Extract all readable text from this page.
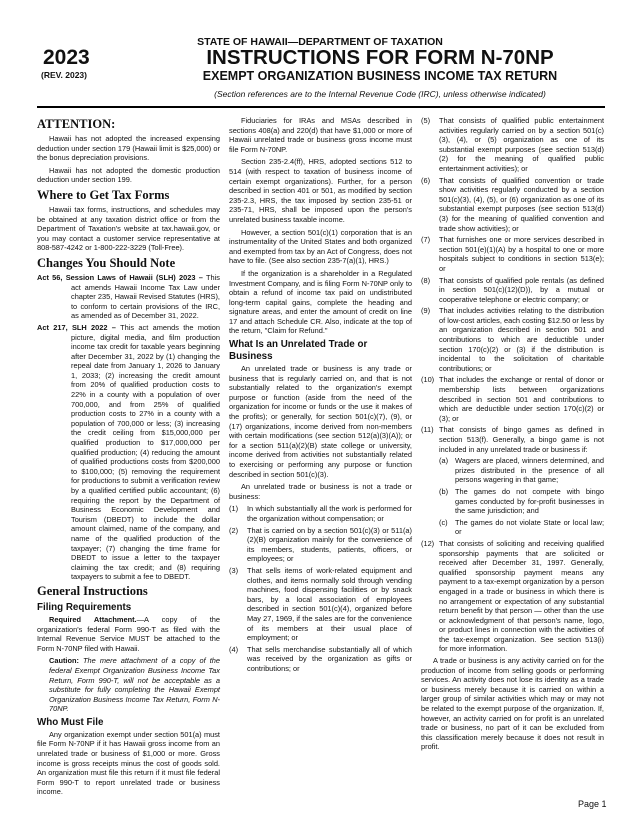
STATE OF HAWAII—DEPARTMENT OF TAXATION
2023
(REV. 2023)
INSTRUCTIONS FOR FORM N-70NP
EXEMPT ORGANIZATION BUSINESS INCOME TAX RETURN
(Section references are to the Internal Revenue Code (IRC), unless otherwise indicated)
ATTENTION:

Hawaii has not adopted the increased expensing deduction under section 179 (Hawaii limit is $25,000) or the bonus depreciation provisions.

Hawaii has not adopted the domestic production deduction under section 199.

Where to Get Tax Forms

Hawaii tax forms, instructions, and schedules may be obtained at any taxation district office or from the Department of Taxation's website at tax.hawaii.gov, or you may contact a customer service representative at 808-587-4242 or 1-800-222-3229 (Toll-Free).

Changes You Should Note
Act 56, Session Laws of Hawaii (SLH) 2023 – This act amends Hawaii Income Tax Law under chapter 235, Hawaii Revised Statutes (HRS), to conform to certain provisions of the IRC, as amended as of December 31, 2022.
Act 217, SLH 2022 – This act amends the motion picture, digital media, and film production income tax credit for taxable years beginning after December 31, 2022 by (1) changing the repeal date from January 1, 2026 to January 1, 2033; (2) increasing the credit amount from 20% of qualified production costs to 22% in a county with a population of over 700,000, and from 25% of qualified production costs to 27% in a county with a population of 700,000 or less; (3) increasing the credit ceiling from $15,000,000 per qualified production to $17,000,000 per qualified production; (4) reducing the amount of qualified productions costs from $200,000 to $100,000; (5) removing the requirement for productions to submit a verification review by a qualified certified public accountant; (6) requiring the report by the Department of Business Economic Development and Tourism (DBEDT) to include the dollar amount claimed, name of the company, and name of the qualified production of the taxpayer; (7) changing the time frame for DBEDT to issue a letter to the taxpayer claiming the tax credit; and (8) requiring taxpayers to submit a fee to DBEDT.
General Instructions
Filing Requirements

Required Attachment.—A copy of the organization's federal Form 990-T as filed with the Internal Revenue Service MUST be attached to the Form N-70NP filed with Hawaii.

Caution: The mere attachment of a copy of the federal Exempt Organization Business Income Tax Return, Form 990-T, will not be acceptable as a substitute for fully completing the Hawaii Exempt Organization Business Income Tax Return, Form N-70NP.
Who Must File

Any organization exempt under section 501(a) must file Form N-70NP if it has Hawaii gross income from an unrelated trade or business of $1,000 or more. Gross income is gross receipts minus the cost of goods sold. An organization must file this return if it must file federal Form 990-T to report unrelated trade or business income.

Fiduciaries for IRAs and MSAs described in sections 408(a) and 220(d) that have $1,000 or more of Hawaii unrelated trade or business gross income must file Form N-70NP.

Section 235-2.4(ff), HRS, adopted sections 512 to 514 (with respect to taxation of business income of certain exempt organizations). Further, for a person described in section 401 or 501, as modified by section 235-2.3, HRS, the tax imposed by section 235-51 or 235-71, HRS, shall be imposed upon the person's unrelated business taxable income.

However, a section 501(c)(1) corporation that is an instrumentality of the United States and both organized and exempted from tax by an Act of Congress, does not have to file. (See also section 235-7(a)(1), HRS.)

If the organization is a shareholder in a Regulated Investment Company, and is filing Form N-70NP only to obtain a refund of income tax paid on undistributed long-term capital gains, complete the heading and signature areas, and enter the amount of credit on line 17 and attach Schedule CR. Also, indicate at the top of the return, "Claim for Refund."

What Is an Unrelated Trade or Business

An unrelated trade or business is any trade or business that is regularly carried on, and that is not substantially related to the organization's exempt purpose or function (aside from the need of the organization for income or funds or the use it makes of the profits); or generally, for section 501(c)(7), (9), or (17) organizations, income derived from non-members with certain modifications (see section 512(a)(3)(A)); or for a section 511(a)(2)(B) state college or university, income derived from activities not substantially related to exercising or performing any purpose or function described in section 501(c)(3).

An unrelated trade or business is not a trade or business:

(1)	In which substantially all the work is performed for the organization without compensation; or
(2)	That is carried on by a section 501(c)(3) or 511(a)(2)(B) organization mainly for the convenience of its members, students, patients, officers, or employees; or
(3)	That sells items of work-related equipment and clothes, and items normally sold through vending machines, food dispensing facilities or by snack bars, by a local association of employees described in section 501(c)(4), organized before May 27, 1969, if the sales are for the convenience of its members at their usual place of employment; or
(4)	That sells merchandise substantially all of which was received by the organization as gifts or contributions; or
(5)	That consists of qualified public entertainment activities regularly carried on by a section 501(c)(3), (4), or (5) organization as one of its substantial exempt purposes (see section 513(d)(2) for the meaning of qualified public entertainment activities); or
(6)	That consists of qualified convention or trade show activities regularly conducted by a section 501(c)(3), (4), (5), or (6) organization as one of its substantial exempt purposes (see section 513(d)(3) for the meaning of qualified convention and trade show activities); or
(7)	That furnishes one or more services described in section 501(e)(1)(A) by a hospital to one or more hospitals subject to conditions in section 513(e); or
(8)	That consists of qualified pole rentals (as defined in section 501(c)(12)(D)), by a mutual or cooperative telephone or electric company; or
(9)	That includes activities relating to the distribution of low-cost articles, each costing $12.50 or less by an organization described in section 501 and contributions to which are deductible under section 170(c)(2) or (3) if the distribution is incidental to the solicitation of charitable contributions; or
(10) That includes the exchange or rental of donor or membership lists between organizations described in section 501 and contributions to which are deductible under section 170(c)(2) or (3); or
(11) That consists of bingo games as defined in section 513(f). Generally, a bingo game is not included in any unrelated trade or business if:
(a) Wagers are placed, winners determined, and prizes distributed in the presence of all persons wagering in that game;
(b) The games do not compete with bingo games conducted by for-profit businesses in the same jurisdiction; and
(c) The games do not violate State or local law; or
(12) That consists of soliciting and receiving qualified sponsorship payments that are solicited or received after December 31, 1997. Generally, qualified sponsorship payment means any payment to a tax-exempt organization by a person engaged in a trade or business in which there is no arrangement or expectation of any substantial return benefit by that person — other than the use or acknowledgment of that person's name, logo, or product lines in connection with the activities of the tax-exempt organization. See section 513(i) for more information.

A trade or business is any activity carried on for the production of income from selling goods or performing services. An activity does not lose its identity as a trade or business merely because it is carried on within a larger group of similar activities which may or may not be related to the exempt purpose of the organization. If, however, an activity carried on for profit is an unrelated trade or business, no part of it can be excluded from this classification merely because it does not result in profit.

Page 1
